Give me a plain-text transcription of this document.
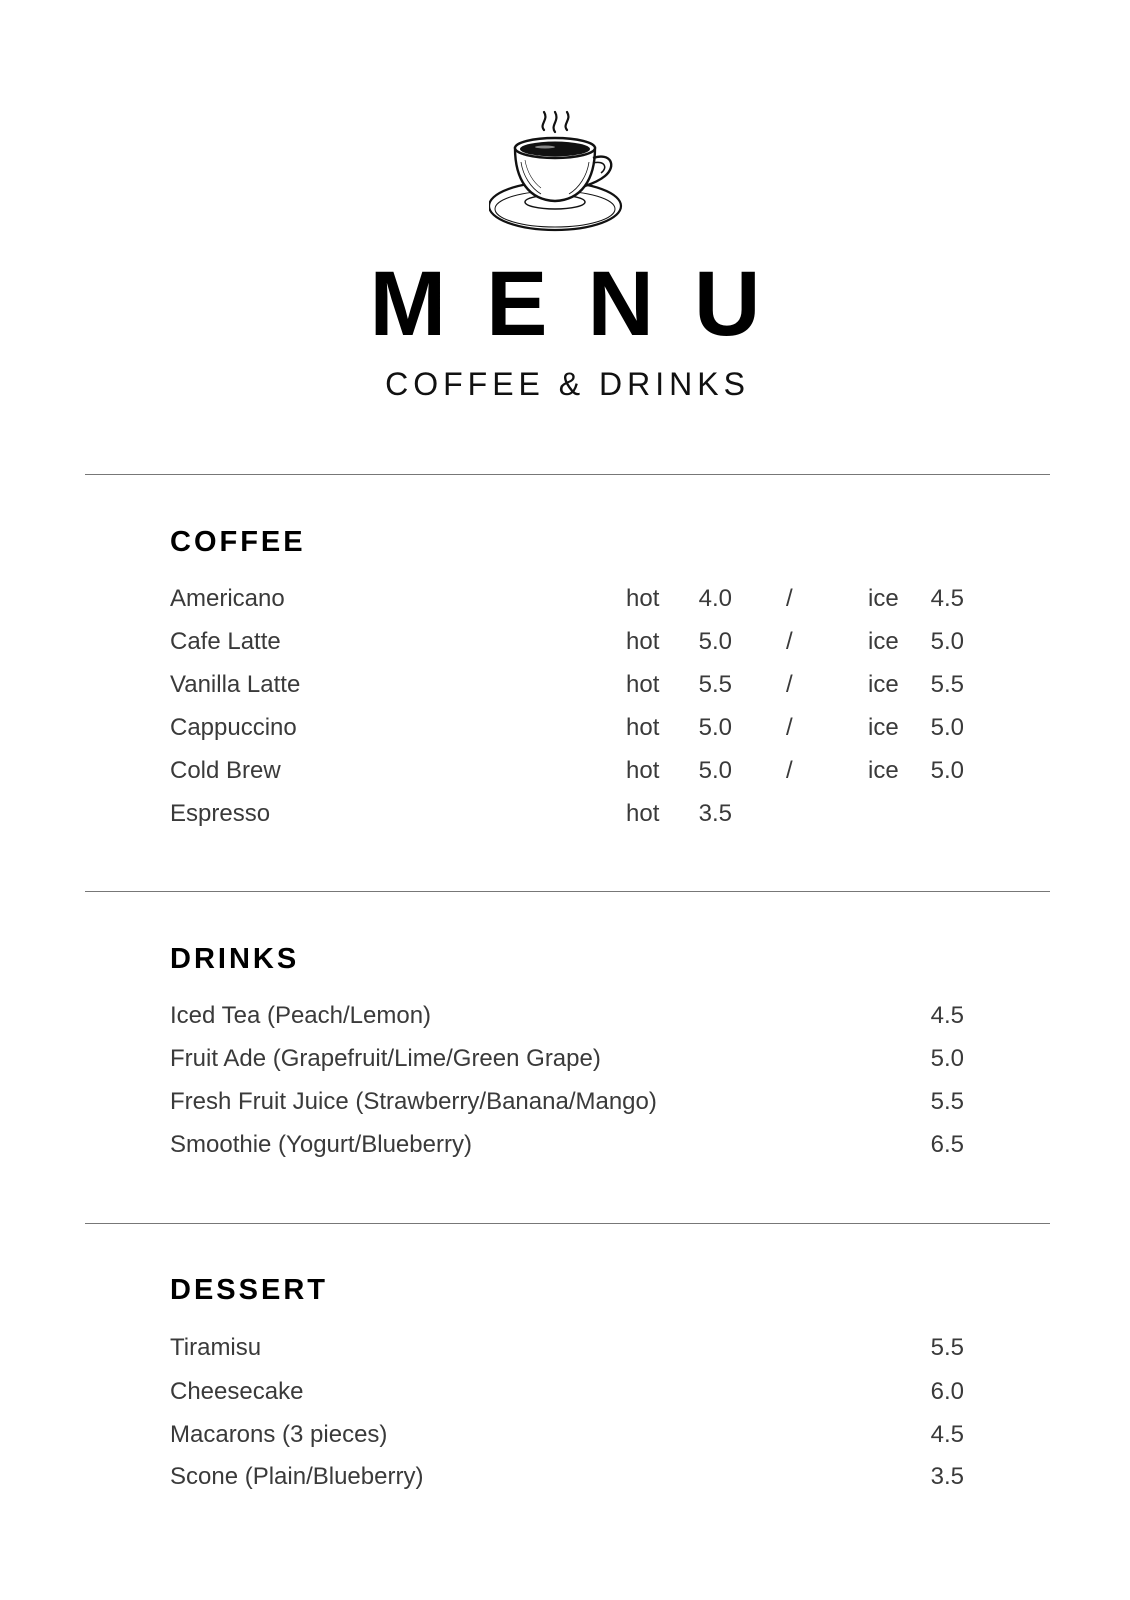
MENU
COFFEE & DRINKS
COFFEE
Americano	hot	4.0 /	ice	4.5
Cafe Latte	hot	5.0 /	ice	5.0
Vanilla Latte	hot	5.5 /	ice	5.5
Cappuccino	hot	5.0 /	ice	5.0
Cold Brew	hot	5.0 /	ice	5.0
Espresso	hot	3.5
DRINKS
Iced Tea (Peach/Lemon)	4.5
Fruit Ade (Grapefruit/Lime/Green Grape)	5.0
Fresh Fruit Juice (Strawberry/Banana/Mango)	5.5
Smoothie (Yogurt/Blueberry)	6.5
DESSERT
Tiramisu	5.5
Cheesecake	6.0
Macarons (3 pieces)	4.5
Scone (Plain/Blueberry)	3.5
